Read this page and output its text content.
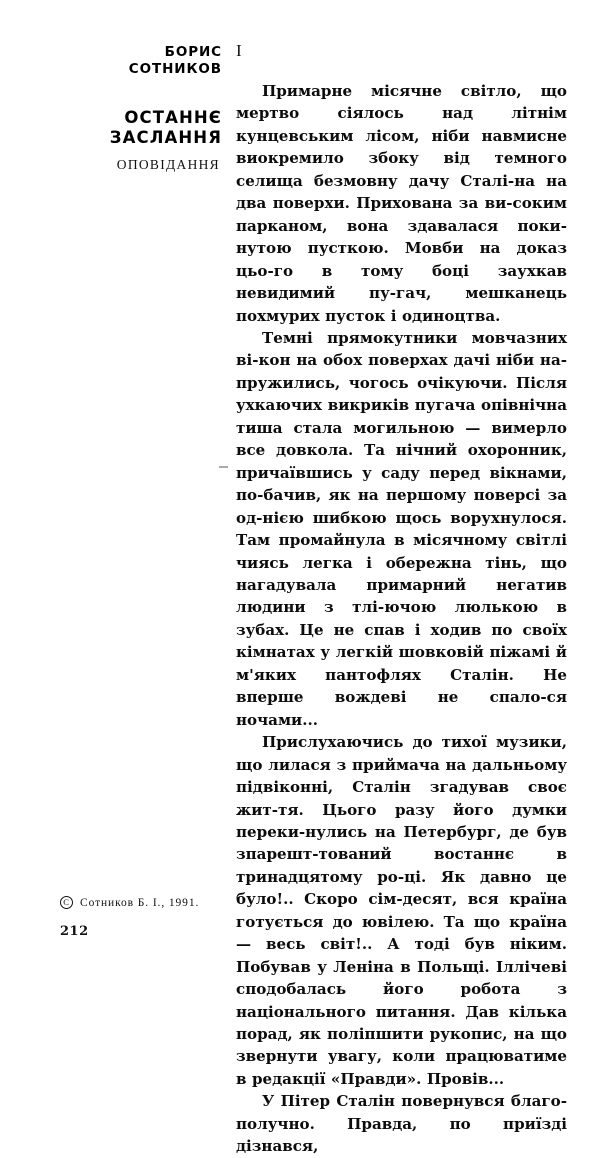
БОРИС
СОТНИКОВ
ОСТАННЄ
ЗАСЛАННЯ
ОПОВІДАННЯ
C Сотников Б. І., 1991.
212
I

Примарне місячне світло, що мертво сіялось над літнім кунцевським лісом, ніби навмисне виокремило збоку від темного селища безмовну дачу Сталі-на на два поверхи. Прихована за ви-соким парканом, вона здавалася поки-нутою пусткою. Мовби на доказ цьо-го в тому боці заухкав невидимий пу-гач, мешканець похмурих пусток і одиноцтва.

Темні прямокутники мовчазних ві-кон на обох поверхах дачі ніби на-пружились, чогось очікуючи. Після ухкаючих викриків пугача опівнічна тиша стала могильною — вимерло все довкола. Та нічний охоронник, причаївшись у саду перед вікнами, по-бачив, як на першому поверсі за од-нією шибкою щось ворухнулося. Там промайнула в місячному світлі чиясь легка і обережна тінь, що нагадувала примарний негатив людини з тлі-ючою люлькою в зубах. Це не спав і ходив по своїх кімнатах у легкій шовковій піжамі й м'яких пантофлях Сталін. Не вперше вождеві не спало-ся ночами...

Прислухаючись до тихої музики, що лилася з приймача на дальньому підвіконні, Сталін згадував своє жит-тя. Цього разу його думки переки-нулись на Петербург, де був зпарешт-тований востаннє в тринадцятому ро-ці. Як давно це було!.. Скоро сім-десят, вся країна готується до ювілею. Та що країна — весь світ!.. А тоді був ніким. Побував у Леніна в Польщі. Іллічеві сподобалась його робота з національного питання. Дав кілька порад, як поліпшити рукопис, на що звернути увагу, коли працюватиме в редакції «Правди». Провів...

У Пітер Сталін повернувся благо-получно. Правда, по приїзді дізнався,
